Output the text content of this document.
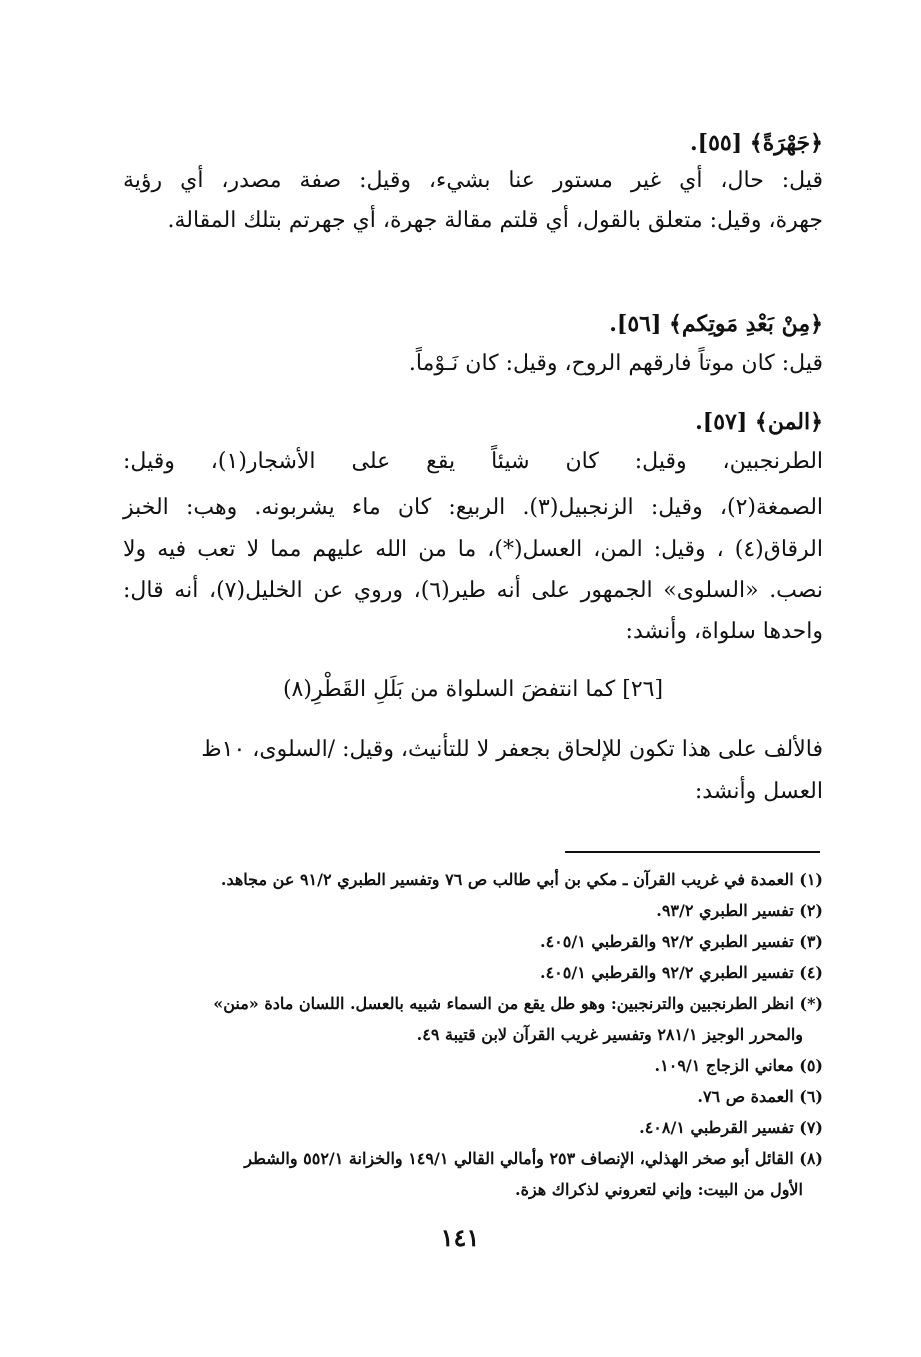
﴿جَهْرَةً﴾ [٥٥].
قيل: حال، أي غير مستور عنا بشيء، وقيل: صفة مصدر، أي رؤية
جهرة، وقيل: متعلق بالقول، أي قلتم مقالة جهرة، أي جهرتم بتلك المقالة.
﴿مِنْ بَعْدِ مَوتِكم﴾ [٥٦].
قيل: كان موتاً فارقهم الروح، وقيل: كان نَـوْماً.
﴿المن﴾ [٥٧].
الطرنجبين، وقيل: كان شيئاً يقع على الأشجار(١)، وقيل:
الصمغة(٢)، وقيل: الزنجبيل(٣). الربيع: كان ماء يشربونه. وهب: الخبز
الرقاق(٤) ، وقيل: المن، العسل(*)، ما من الله عليهم مما لا تعب فيه ولا
نصب. «السلوى» الجمهور على أنه طير(٦)، وروي عن الخليل(٧)، أنه قال:
واحدها سلواة، وأنشد:
[٢٦] كما انتفضَ السلواة من بَلَلِ القَطْرِ(٨)
فالألف على هذا تكون للإلحاق بجعفر لا للتأنيث، وقيل: /السلوى، ١٠ظ
العسل وأنشد:
(١) العمدة في غريب القرآن ـ مكي بن أبي طالب ص ٧٦ وتفسير الطبري ٩١/٢ عن مجاهد.
(٢) تفسير الطبري ٩٣/٢.
(٣) تفسير الطبري ٩٢/٢ والقرطبي ٤٠٥/١.
(٤) تفسير الطبري ٩٢/٢ والقرطبي ٤٠٥/١.
(*) انظر الطرنجبين والترنجبين: وهو طل يقع من السماء شبيه بالعسل. اللسان مادة «منن»
والمحرر الوجيز ٢٨١/١ وتفسير غريب القرآن لابن قتيبة ٤٩.
(٥) معاني الزجاج ١٠٩/١.
(٦) العمدة ص ٧٦.
(٧) تفسير القرطبي ٤٠٨/١.
(٨) القائل أبو صخر الهذلي، الإنصاف ٢٥٣ وأمالي القالي ١٤٩/١ والخزانة ٥٥٢/١ والشطر
الأول من البيت: وإني لتعروني لذكراك هزة.
١٤١
